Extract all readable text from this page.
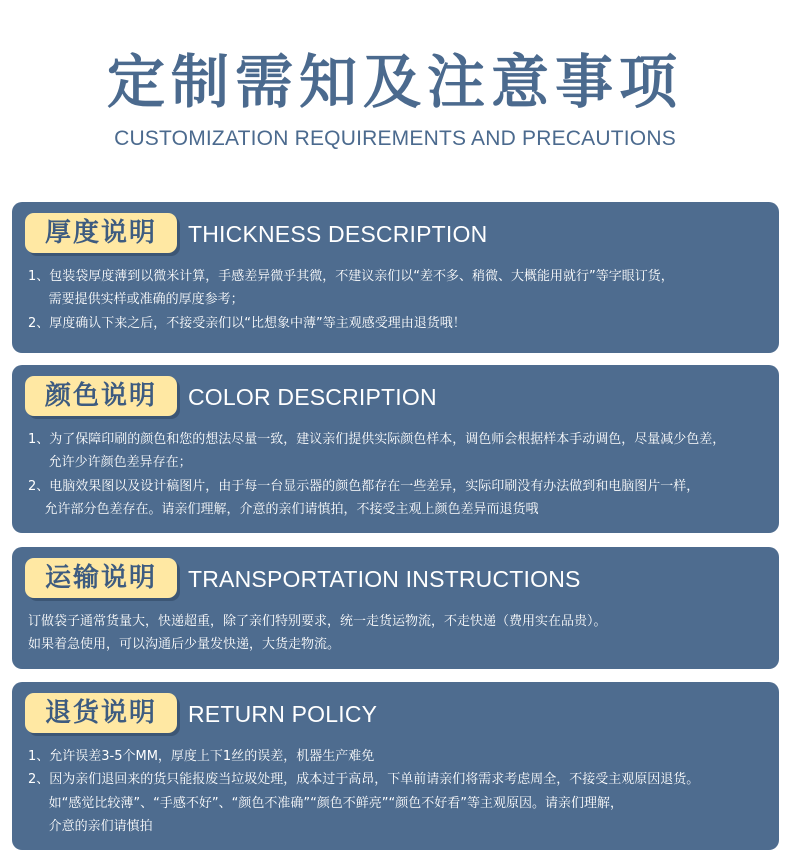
定制需知及注意事项
CUSTOMIZATION REQUIREMENTS AND PRECAUTIONS
厚度说明	THICKNESS DESCRIPTION
1、包装袋厚度薄到以微米计算，手感差异微乎其微，不建议亲们以“差不多、稍微、大概能用就行”等字眼订货，
需要提供实样或准确的厚度参考；
2、厚度确认下来之后，不接受亲们以“比想象中薄”等主观感受理由退货哦！
颜色说明	COLOR DESCRIPTION
1、为了保障印刷的颜色和您的想法尽量一致，建议亲们提供实际颜色样本，调色师会根据样本手动调色，尽量减少色差，
允许少许颜色差异存在；
2、电脑效果图以及设计稿图片，由于每一台显示器的颜色都存在一些差异，实际印刷没有办法做到和电脑图片一样，
允许部分色差存在。请亲们理解，介意的亲们请慎拍，不接受主观上颜色差异而退货哦
运输说明	TRANSPORTATION INSTRUCTIONS
订做袋子通常货量大，快递超重，除了亲们特别要求，统一走货运物流，不走快递（费用实在品贵）。
如果着急使用，可以沟通后少量发快递，大货走物流。
退货说明	RETURN POLICY
1、允许误差3-5个MM，厚度上下1丝的误差，机器生产难免
2、因为亲们退回来的货只能报废当垃圾处理，成本过于高昂，下单前请亲们将需求考虑周全，不接受主观原因退货。
如“感觉比较薄”、“手感不好”、“颜色不准确”“颜色不鲜亮”“颜色不好看”等主观原因。请亲们理解，
介意的亲们请慎拍
